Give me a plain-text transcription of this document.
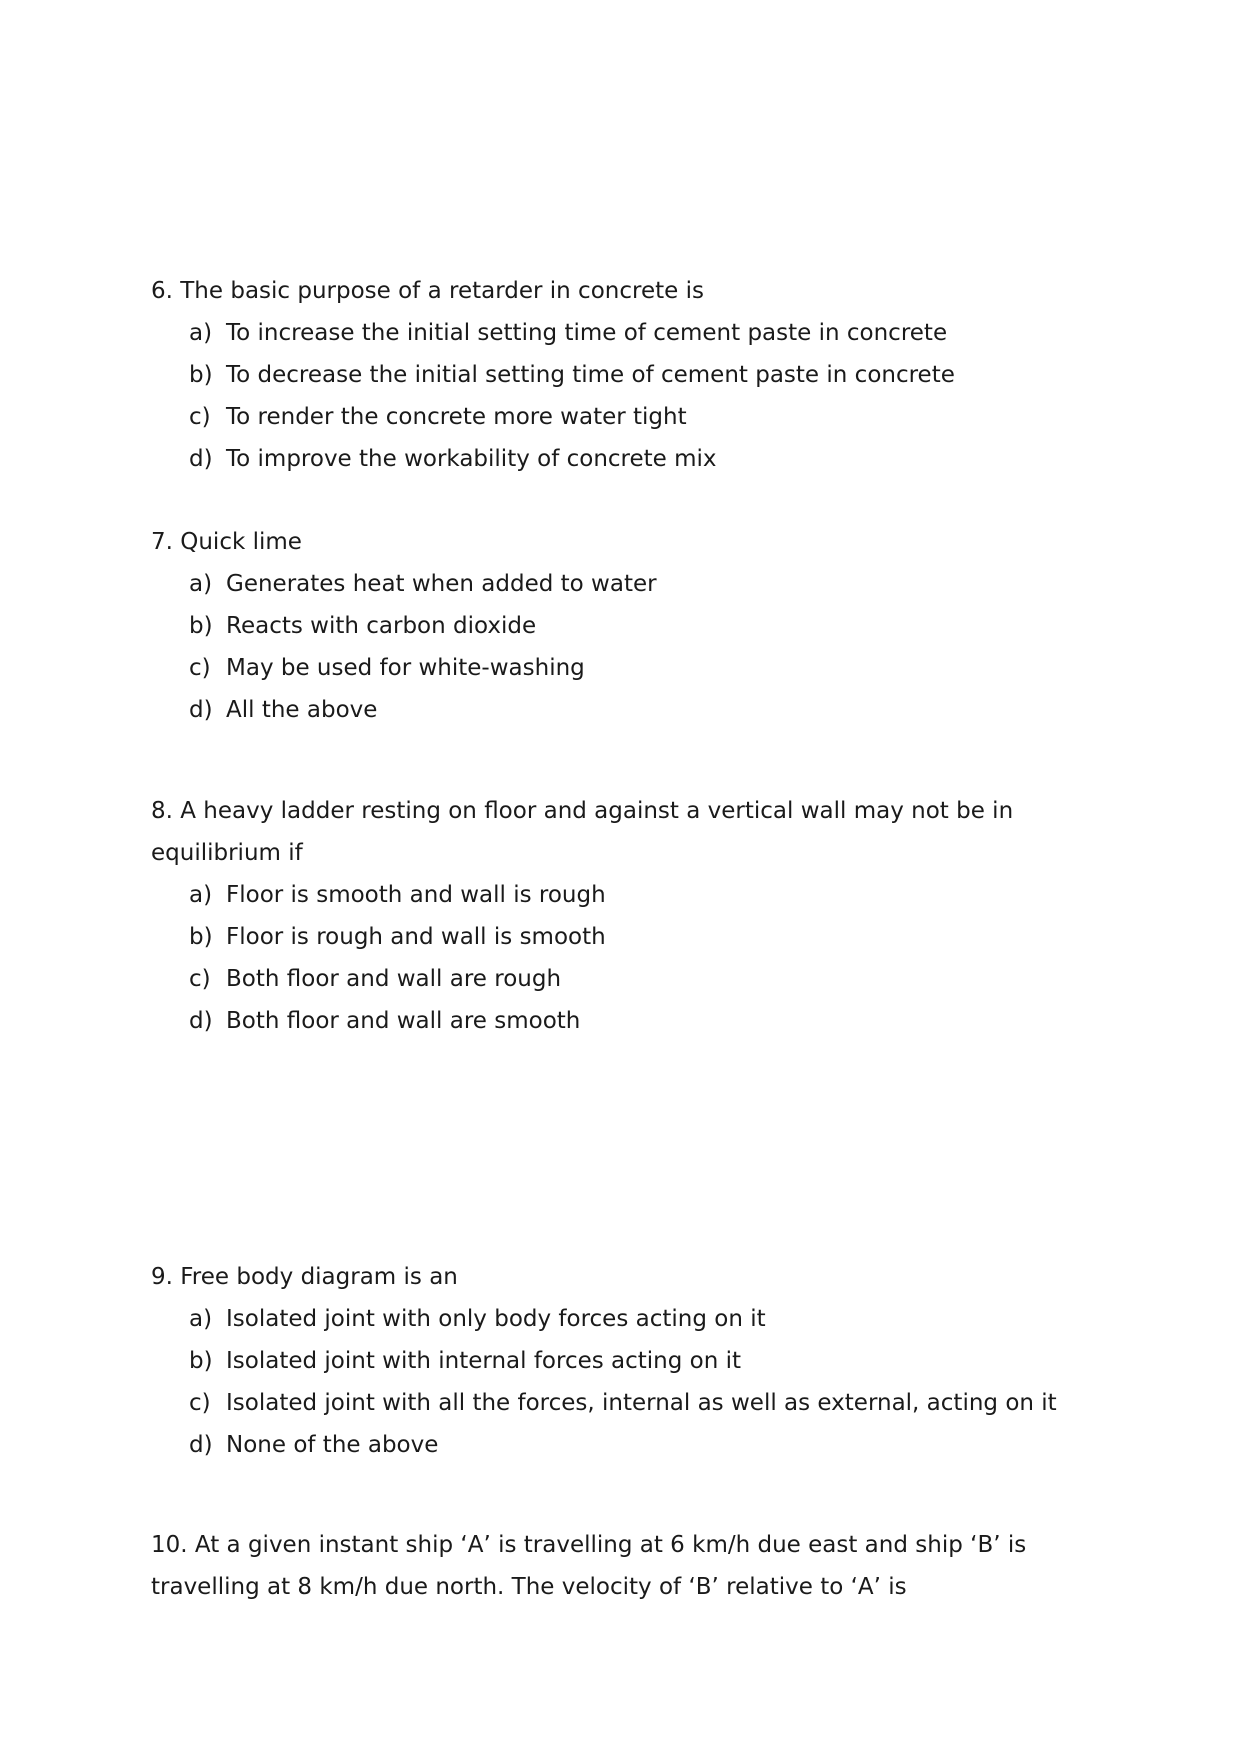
6. The basic purpose of a retarder in concrete is

a) To increase the initial setting time of cement paste in concrete
b) To decrease the initial setting time of cement paste in concrete
c) To render the concrete more water tight
d) To improve the workability of concrete mix

7. Quick lime

a) Generates heat when added to water
b) Reacts with carbon dioxide
c) May be used for white-washing
d) All the above

8. A heavy ladder resting on floor and against a vertical wall may not be in equilibrium if

a) Floor is smooth and wall is rough
b) Floor is rough and wall is smooth
c) Both floor and wall are rough
d) Both floor and wall are smooth

9. Free body diagram is an

a) Isolated joint with only body forces acting on it
b) Isolated joint with internal forces acting on it
c) Isolated joint with all the forces, internal as well as external, acting on it
d) None of the above

10. At a given instant ship ‘A’ is travelling at 6 km/h due east and ship ‘B’ is travelling at 8 km/h due north. The velocity of ‘B’ relative to ‘A’ is
